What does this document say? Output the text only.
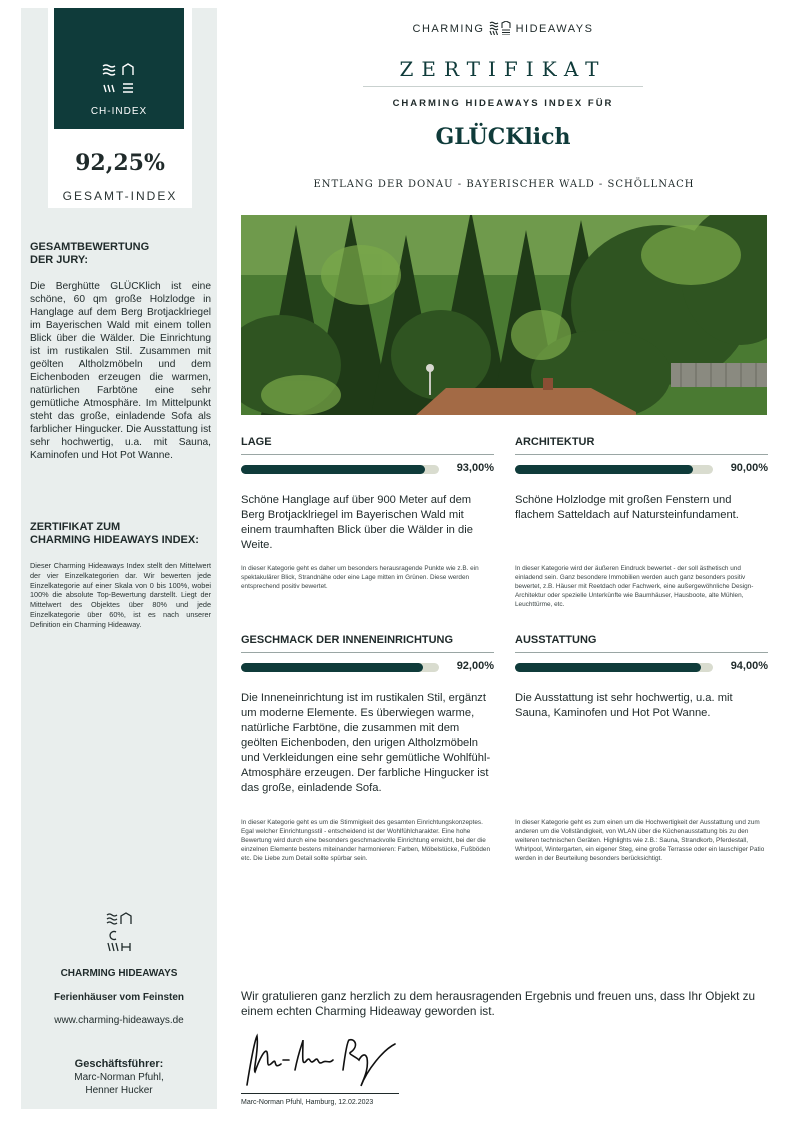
CH-INDEX
92,25%
GESAMT-INDEX
GESAMTBEWERTUNG
DER JURY:
Die Berghütte GLÜCKlich ist eine schöne, 60 qm große Holzlodge in Hanglage auf dem Berg Brotjacklriegel im Bayerischen Wald mit einem tollen Blick über die Wälder. Die Einrichtung ist im rustikalen Stil. Zusammen mit geölten Altholzmöbeln und dem Eichenboden erzeugen die warmen, natürlichen Farbtöne eine sehr gemütliche Atmosphäre. Im Mittelpunkt steht das große, einladende Sofa als farblicher Hingucker. Die Ausstattung ist sehr hochwertig, u.a. mit Sauna, Kaminofen und Hot Pot Wanne.
ZERTIFIKAT ZUM
CHARMING HIDEAWAYS INDEX:
Dieser Charming Hideaways Index stellt den Mittelwert der vier Einzelkategorien dar. Wir bewerten jede Einzelkategorie auf einer Skala von 0 bis 100%, wobei 100% die absolute Top-Bewertung darstellt. Liegt der Mittelwert des Objektes über 80% und jede Einzelkategorie über 60%, ist es nach unserer Definition ein Charming Hideaway.
CHARMING HIDEAWAYS
Ferienhäuser vom Feinsten
www.charming-hideaways.de
Geschäftsführer:
Marc-Norman Pfuhl,
Henner Hucker
CHARMING	HIDEAWAYS
ZERTIFIKAT
CHARMING HIDEAWAYS INDEX FÜR
GLÜCKlich
ENTLANG DER DONAU - BAYERISCHER WALD - SCHÖLLNACH
LAGE
93,00%
Schöne Hanglage auf über 900 Meter auf dem Berg Brotjacklriegel im Bayerischen Wald mit einem traumhaften Blick über die Wälder in die Weite.
In dieser Kategorie geht es daher um besonders herausragende Punkte wie z.B. ein spektakulärer Blick, Strandnähe oder eine Lage mitten im Grünen. Diese werden entsprechend positiv bewertet.
ARCHITEKTUR
90,00%
Schöne Holzlodge mit großen Fenstern und flachem Satteldach auf Natursteinfundament.
In dieser Kategorie wird der äußeren Eindruck bewertet - der soll ästhetisch und einladend sein. Ganz besondere Immobilien werden auch ganz besonders positiv bewertet, z.B. Häuser mit Reetdach oder Fachwerk, eine außergewöhnliche Design-Architektur oder spezielle Unterkünfte wie Baumhäuser, Hausboote, alte Mühlen, Leuchttürme, etc.
GESCHMACK DER INNENEINRICHTUNG
92,00%
Die Inneneinrichtung ist im rustikalen Stil, ergänzt um moderne Elemente. Es überwiegen warme, natürliche Farbtöne, die zusammen mit dem geölten Eichenboden, den urigen Altholzmöbeln und Verkleidungen eine sehr gemütliche Wohlfühl-Atmosphäre erzeugen. Der farbliche Hingucker ist das große, einladende Sofa.
In dieser Kategorie geht es um die Stimmigkeit des gesamten Einrichtungskonzeptes. Egal welcher Einrichtungsstil - entscheidend ist der Wohlfühlcharakter. Eine hohe Bewertung wird durch eine besonders geschmackvolle Einrichtung erreicht, bei der die einzelnen Elemente bestens miteinander harmonieren: Farben, Möbelstücke, Fußböden etc. Die Liebe zum Detail sollte spürbar sein.
AUSSTATTUNG
94,00%
Die Ausstattung ist sehr hochwertig, u.a. mit Sauna, Kaminofen und Hot Pot Wanne.
In dieser Kategorie geht es zum einen um die Hochwertigkeit der Ausstattung und zum anderen um die Vollständigkeit, von WLAN über die Küchenausstattung bis zu den weiteren technischen Geräten. Highlights wie z.B.: Sauna, Strandkorb, Pferdestall, Whirlpool, Wintergarten, ein eigener Steg, eine große Terrasse oder ein lauschiger Patio werden in der Beurteilung besonders berücksichtigt.
Wir gratulieren ganz herzlich zu dem herausragenden Ergebnis und freuen uns, dass Ihr Objekt zu einem echten Charming Hideaway geworden ist.
Marc-Norman Pfuhl, Hamburg, 12.02.2023
